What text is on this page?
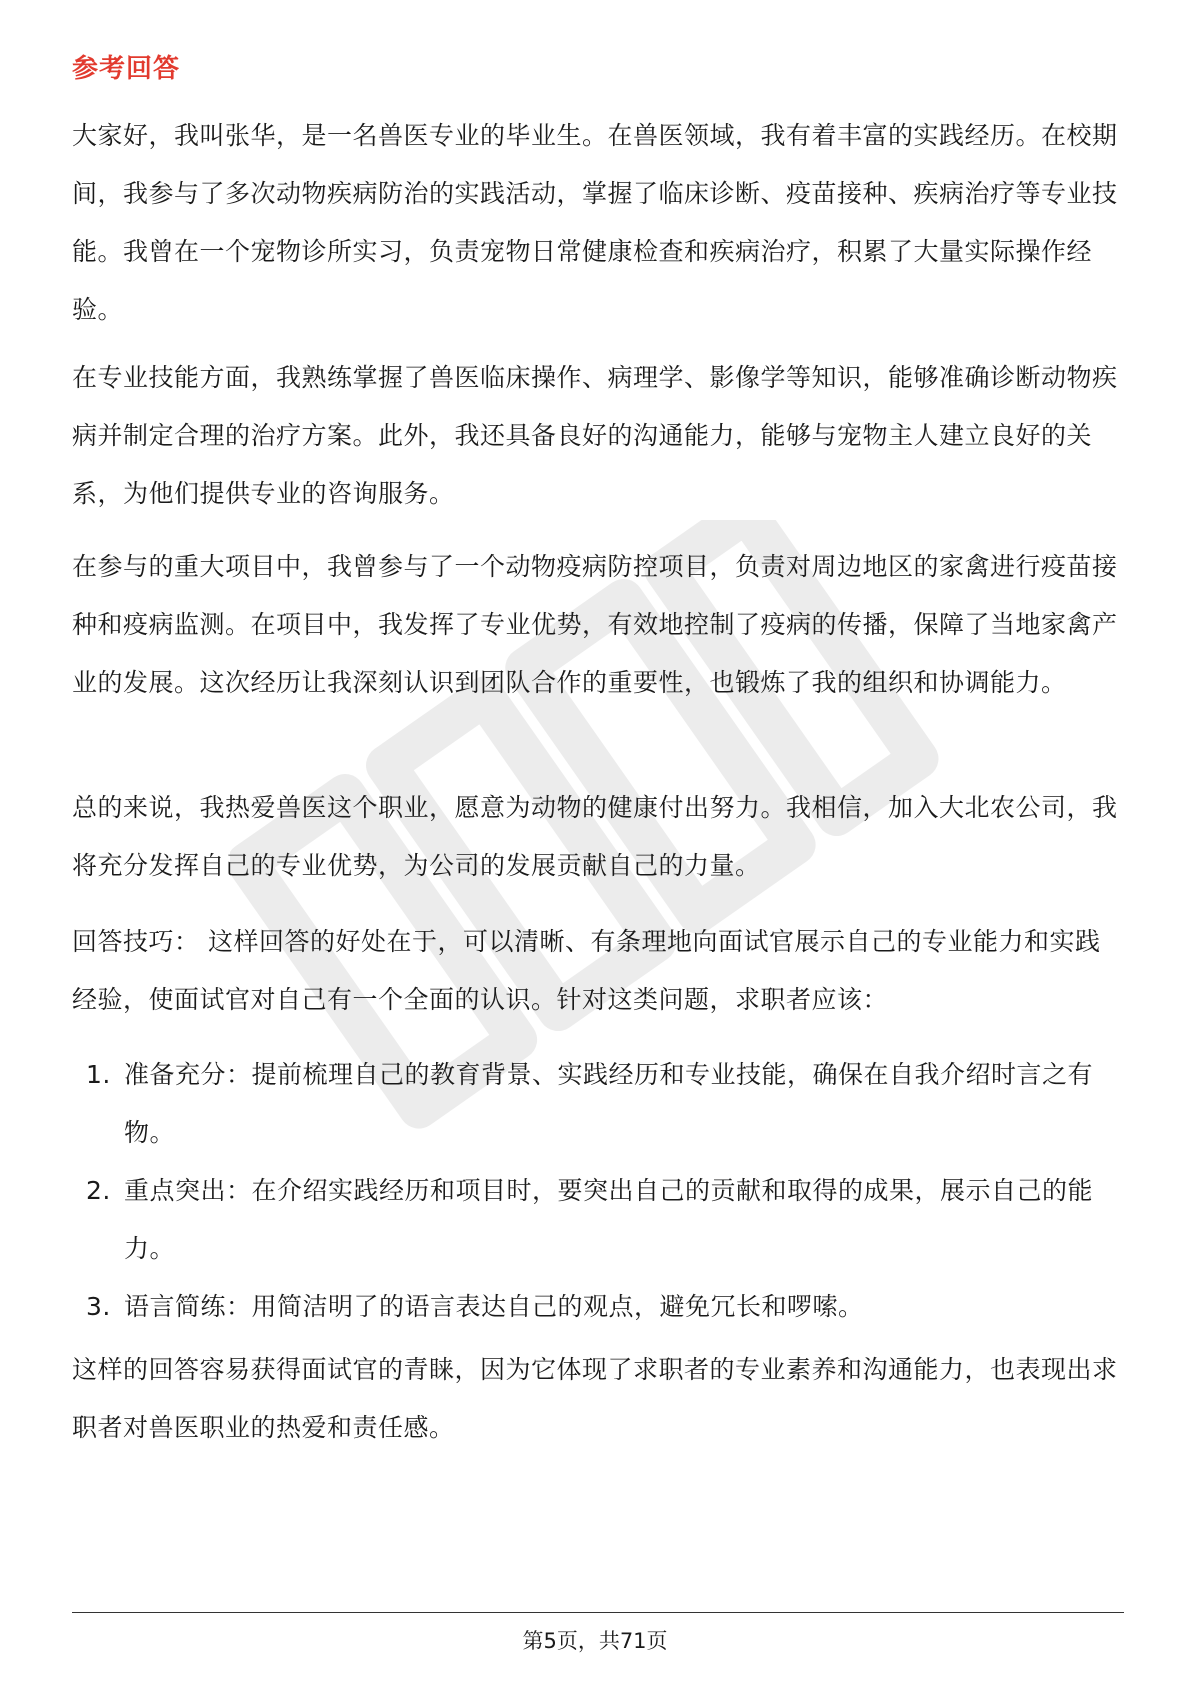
参考回答

大家好，我叫张华，是一名兽医专业的毕业生。在兽医领域，我有着丰富的实践经历。在校期间，我参与了多次动物疾病防治的实践活动，掌握了临床诊断、疫苗接种、疾病治疗等专业技能。我曾在一个宠物诊所实习，负责宠物日常健康检查和疾病治疗，积累了大量实际操作经验。

在专业技能方面，我熟练掌握了兽医临床操作、病理学、影像学等知识，能够准确诊断动物疾病并制定合理的治疗方案。此外，我还具备良好的沟通能力，能够与宠物主人建立良好的关系，为他们提供专业的咨询服务。

在参与的重大项目中，我曾参与了一个动物疫病防控项目，负责对周边地区的家禽进行疫苗接种和疫病监测。在项目中，我发挥了专业优势，有效地控制了疫病的传播，保障了当地家禽产业的发展。这次经历让我深刻认识到团队合作的重要性，也锻炼了我的组织和协调能力。

总的来说，我热爱兽医这个职业，愿意为动物的健康付出努力。我相信，加入大北农公司，我将充分发挥自己的专业优势，为公司的发展贡献自己的力量。

回答技巧： 这样回答的好处在于，可以清晰、有条理地向面试官展示自己的专业能力和实践经验，使面试官对自己有一个全面的认识。针对这类问题，求职者应该：

1. 准备充分：提前梳理自己的教育背景、实践经历和专业技能，确保在自我介绍时言之有物。
2. 重点突出：在介绍实践经历和项目时，要突出自己的贡献和取得的成果，展示自己的能力。
3. 语言简练：用简洁明了的语言表达自己的观点，避免冗长和啰嗦。

这样的回答容易获得面试官的青睐，因为它体现了求职者的专业素养和沟通能力，也表现出求职者对兽医职业的热爱和责任感。

第5页，共71页
